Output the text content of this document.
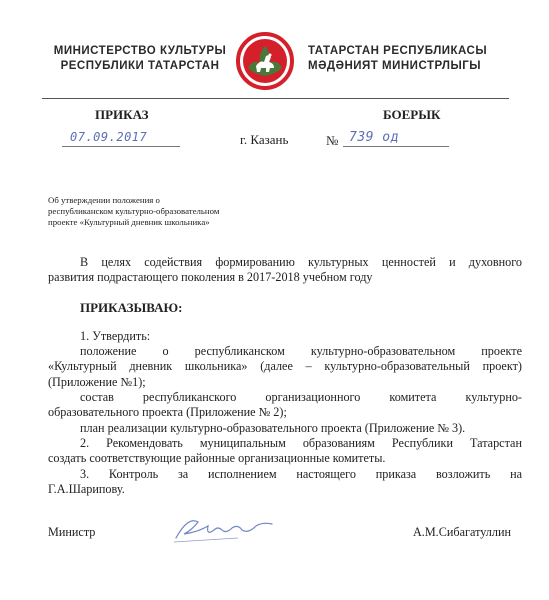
МИНИСТЕРСТВО КУЛЬТУРЫ
РЕСПУБЛИКИ ТАТАРСТАН
ТАТАРСТАН РЕСПУБЛИКАСЫ
МӘДӘНИЯТ МИНИСТРЛЫГЫ
ПРИКАЗ	БОЕРЫК
07.09.2017	г. Казань	№ 739 од
Об утверждении положения о
республиканском культурно-образовательном
проекте «Культурный дневник школьника»

В целях содействия формированию культурных ценностей и духовного

развития подрастающего поколения в 2017-2018 учебном году

ПРИКАЗЫВАЮ:

1. Утвердить:

положение о республиканском культурно-образовательном проекте

«Культурный дневник школьника» (далее – культурно-образовательный проект)

(Приложение №1);

состав республиканского организационного комитета культурно-

образовательного проекта (Приложение № 2);

план реализации культурно-образовательного проекта (Приложение № 3).

2. Рекомендовать муниципальным образованиям Республики Татарстан

создать соответствующие районные организационные комитеты.

3. Контроль за исполнением настоящего приказа возложить на

Г.А.Шарипову.

Министр	А.М.Сибагатуллин
